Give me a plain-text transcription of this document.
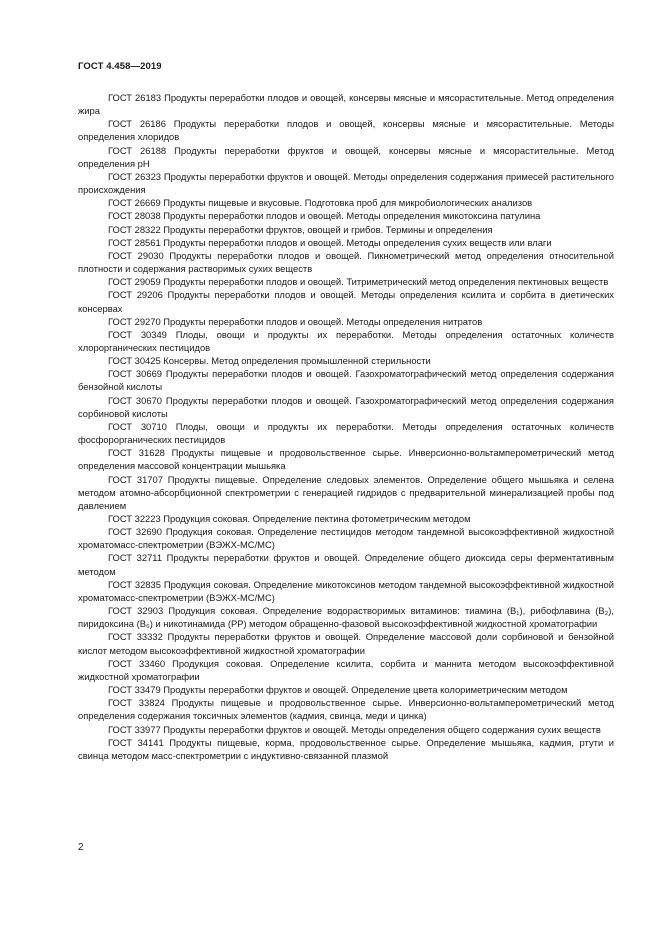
ГОСТ 4.458—2019

ГОСТ 26183 Продукты переработки плодов и овощей, консервы мясные и мясорастительные. Метод определения жира

ГОСТ 26186 Продукты переработки плодов и овощей, консервы мясные и мясорастительные. Методы определения хлоридов

ГОСТ 26188 Продукты переработки фруктов и овощей, консервы мясные и мясорастительные. Метод определения pH

ГОСТ 26323 Продукты переработки фруктов и овощей. Методы определения содержания примесей растительного происхождения

ГОСТ 26669 Продукты пищевые и вкусовые. Подготовка проб для микробиологических анализов

ГОСТ 28038 Продукты переработки плодов и овощей. Методы определения микотоксина патулина

ГОСТ 28322 Продукты переработки фруктов, овощей и грибов. Термины и определения

ГОСТ 28561 Продукты переработки плодов и овощей. Методы определения сухих веществ или влаги

ГОСТ 29030 Продукты переработки плодов и овощей. Пикнометрический метод определения относительной плотности и содержания растворимых сухих веществ

ГОСТ 29059 Продукты переработки плодов и овощей. Титриметрический метод определения пектиновых веществ

ГОСТ 29206 Продукты переработки плодов и овощей. Методы определения ксилита и сорбита в диетических консервах

ГОСТ 29270 Продукты переработки плодов и овощей. Методы определения нитратов

ГОСТ 30349 Плоды, овощи и продукты их переработки. Методы определения остаточных количеств хлорорганических пестицидов

ГОСТ 30425 Консервы. Метод определения промышленной стерильности

ГОСТ 30669 Продукты переработки плодов и овощей. Газохроматографический метод определения содержания бензойной кислоты

ГОСТ 30670 Продукты переработки плодов и овощей. Газохроматографический метод определения содержания сорбиновой кислоты

ГОСТ 30710 Плоды, овощи и продукты их переработки. Методы определения остаточных количеств фосфорорганических пестицидов

ГОСТ 31628 Продукты пищевые и продовольственное сырье. Инверсионно-вольтамперометрический метод определения массовой концентрации мышьяка

ГОСТ 31707 Продукты пищевые. Определение следовых элементов. Определение общего мышьяка и селена методом атомно-абсорбционной спектрометрии с генерацией гидридов с предварительной минерализацией пробы под давлением

ГОСТ 32223 Продукция соковая. Определение пектина фотометрическим методом

ГОСТ 32690 Продукция соковая. Определение пестицидов методом тандемной высокоэффективной жидкостной хроматомасс-спектрометрии (ВЭЖХ-МС/МС)

ГОСТ 32711 Продукты переработки фруктов и овощей. Определение общего диоксида серы ферментативным методом

ГОСТ 32835 Продукция соковая. Определение микотоксинов методом тандемной высокоэффективной жидкостной хроматомасс-спектрометрии (ВЭЖХ-МС/МС)

ГОСТ 32903 Продукция соковая. Определение водорастворимых витаминов: тиамина (B₁), рибофлавина (B₂), пиридоксина (B₆) и никотинамида (PP) методом обращенно-фазовой высокоэффективной жидкостной хроматографии

ГОСТ 33332 Продукты переработки фруктов и овощей. Определение массовой доли сорбиновой и бензойной кислот методом высокоэффективной жидкостной хроматографии

ГОСТ 33460 Продукция соковая. Определение ксилита, сорбита и маннита методом высокоэффективной жидкостной хроматографии

ГОСТ 33479 Продукты переработки фруктов и овощей. Определение цвета колориметрическим методом

ГОСТ 33824 Продукты пищевые и продовольственное сырье. Инверсионно-вольтамперометрический метод определения содержания токсичных элементов (кадмия, свинца, меди и цинка)

ГОСТ 33977 Продукты переработки фруктов и овощей. Методы определения общего содержания сухих веществ

ГОСТ 34141 Продукты пищевые, корма, продовольственное сырье. Определение мышьяка, кадмия, ртути и свинца методом масс-спектрометрии с индуктивно-связанной плазмой

2
